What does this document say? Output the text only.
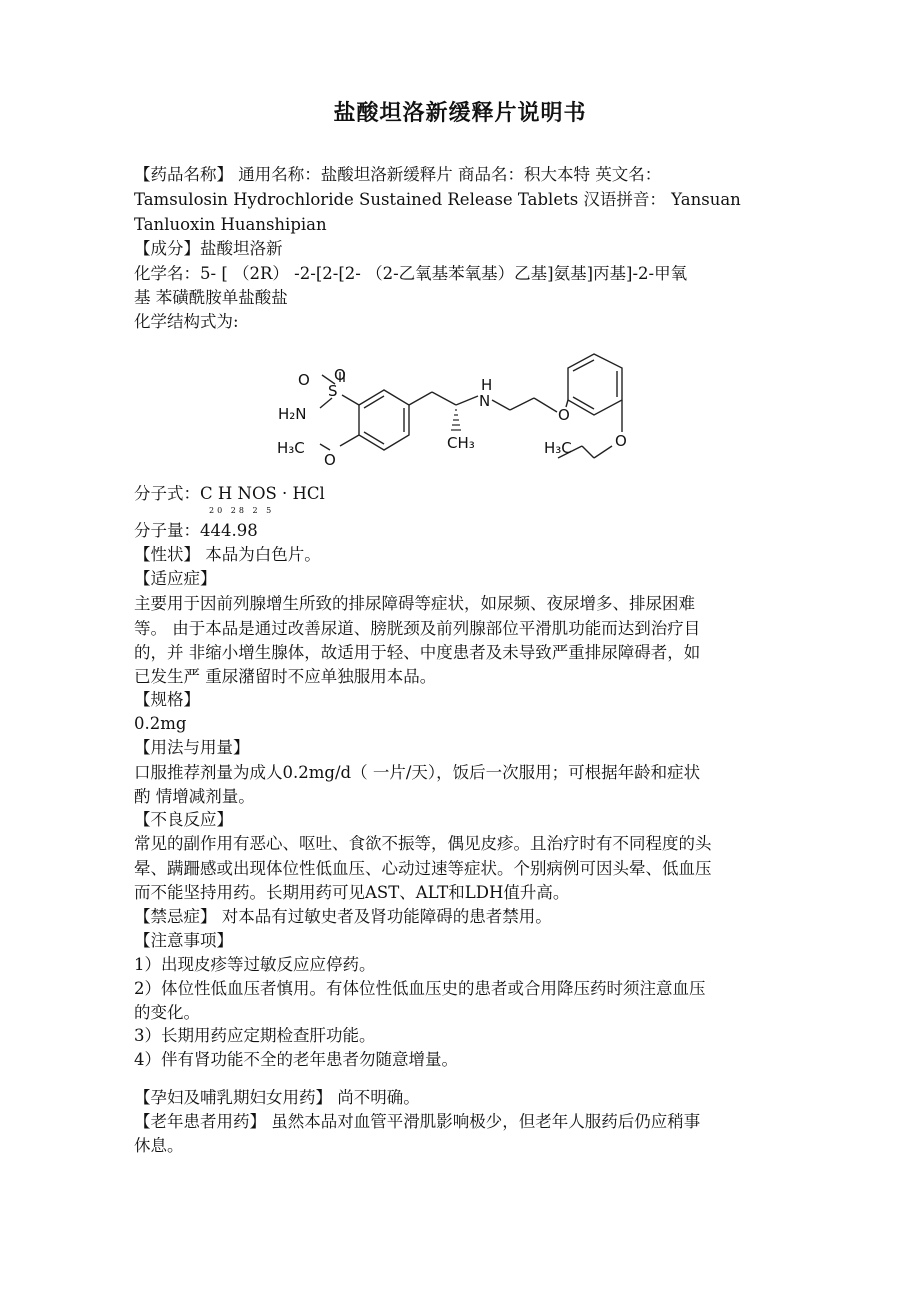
盐酸坦洛新缓释片说明书
【药品名称】 通用名称：盐酸坦洛新缓释片 商品名：积大本特 英文名：
Tamsulosin Hydrochloride Sustained Release Tablets 汉语拼音： Yansuan
Tanluoxin Huanshipian
【成分】盐酸坦洛新
化学名：5- [ （2R） -2-[2-[2- （2-乙氧基苯氧基）乙基]氨基]丙基]-2-甲氧
基 苯磺酰胺单盐酸盐
化学结构式为:
O O
S
H₂N
H₃C
O
H
N
CH₃
O
H₃C	O
分子式：C H NOS · HCl
20 28 2 5
分子量：444.98
【性状】 本品为白色片。
【适应症】
主要用于因前列腺增生所致的排尿障碍等症状，如尿频、夜尿增多、排尿困难
等。 由于本品是通过改善尿道、膀胱颈及前列腺部位平滑肌功能而达到治疗目
的，并 非缩小增生腺体，故适用于轻、中度患者及未导致严重排尿障碍者，如
已发生严 重尿潴留时不应单独服用本品。
【规格】
0.2mg
【用法与用量】
口服推荐剂量为成人0.2mg/d（ 一片/天），饭后一次服用；可根据年龄和症状
酌 情增减剂量。
【不良反应】
常见的副作用有恶心、呕吐、食欲不振等，偶见皮疹。且治疗时有不同程度的头
晕、蹒跚感或出现体位性低血压、心动过速等症状。个别病例可因头晕、低血压
而不能坚持用药。长期用药可见AST、ALT和LDH值升高。
【禁忌症】 对本品有过敏史者及肾功能障碍的患者禁用。
【注意事项】
1）出现皮疹等过敏反应应停药。
2）体位性低血压者慎用。有体位性低血压史的患者或合用降压药时须注意血压
的变化。
3）长期用药应定期检查肝功能。
4）伴有肾功能不全的老年患者勿随意增量。
【孕妇及哺乳期妇女用药】 尚不明确。
【老年患者用药】 虽然本品对血管平滑肌影响极少，但老年人服药后仍应稍事
休息。
